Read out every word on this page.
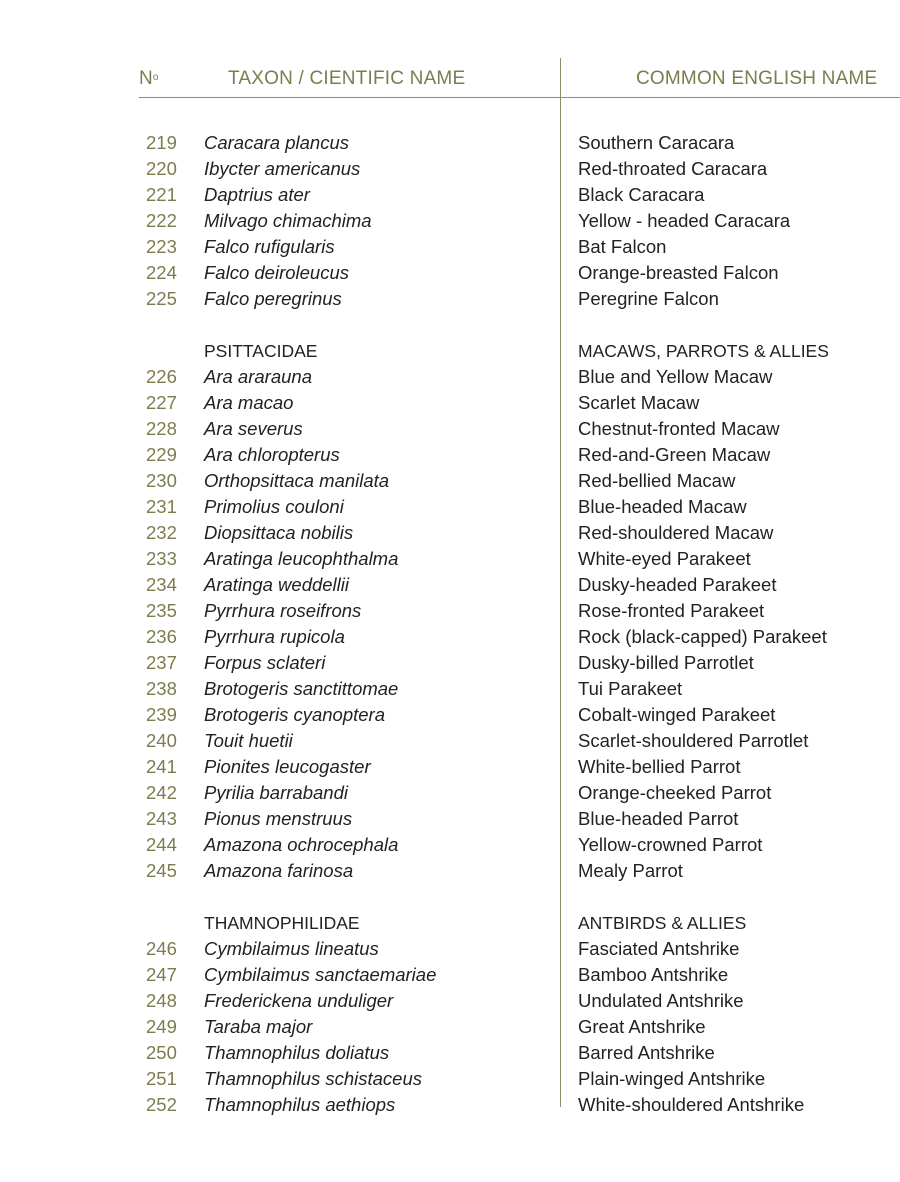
$N^o$	TAXON / CIENTIFIC NAME	COMMON ENGLISH NAME
219	Caracara plancus	Southern Caracara
220	Ibycter americanus	Red-throated Caracara
221	Daptrius ater	Black Caracara
222	Milvago chimachima	Yellow - headed Caracara
223	Falco rufigularis	Bat Falcon
224	Falco deiroleucus	Orange-breasted Falcon
225	Falco peregrinus	Peregrine Falcon
PSITTACIDAE	MACAWS, PARROTS & ALLIES
226	Ara ararauna	Blue and Yellow Macaw
227	Ara macao	Scarlet Macaw
228	Ara severus	Chestnut-fronted Macaw
229	Ara chloropterus	Red-and-Green Macaw
230	Orthopsittaca manilata	Red-bellied Macaw
231	Primolius couloni	Blue-headed Macaw
232	Diopsittaca nobilis	Red-shouldered Macaw
233	Aratinga leucophthalma	White-eyed Parakeet
234	Aratinga weddellii	Dusky-headed Parakeet
235	Pyrrhura roseifrons	Rose-fronted Parakeet
236	Pyrrhura rupicola	Rock (black-capped) Parakeet
237	Forpus sclateri	Dusky-billed Parrotlet
238	Brotogeris sanctittomae	Tui Parakeet
239	Brotogeris cyanoptera	Cobalt-winged Parakeet
240	Touit huetii	Scarlet-shouldered Parrotlet
241	Pionites leucogaster	White-bellied Parrot
242	Pyrilia barrabandi	Orange-cheeked Parrot
243	Pionus menstruus	Blue-headed Parrot
244	Amazona ochrocephala	Yellow-crowned Parrot
245	Amazona farinosa	Mealy Parrot
THAMNOPHILIDAE	ANTBIRDS & ALLIES
246	Cymbilaimus lineatus	Fasciated Antshrike
247	Cymbilaimus sanctaemariae	Bamboo Antshrike
248	Frederickena unduliger	Undulated Antshrike
249	Taraba major	Great Antshrike
250	Thamnophilus doliatus	Barred Antshrike
251	Thamnophilus schistaceus	Plain-winged Antshrike
252	Thamnophilus aethiops	White-shouldered Antshrike
